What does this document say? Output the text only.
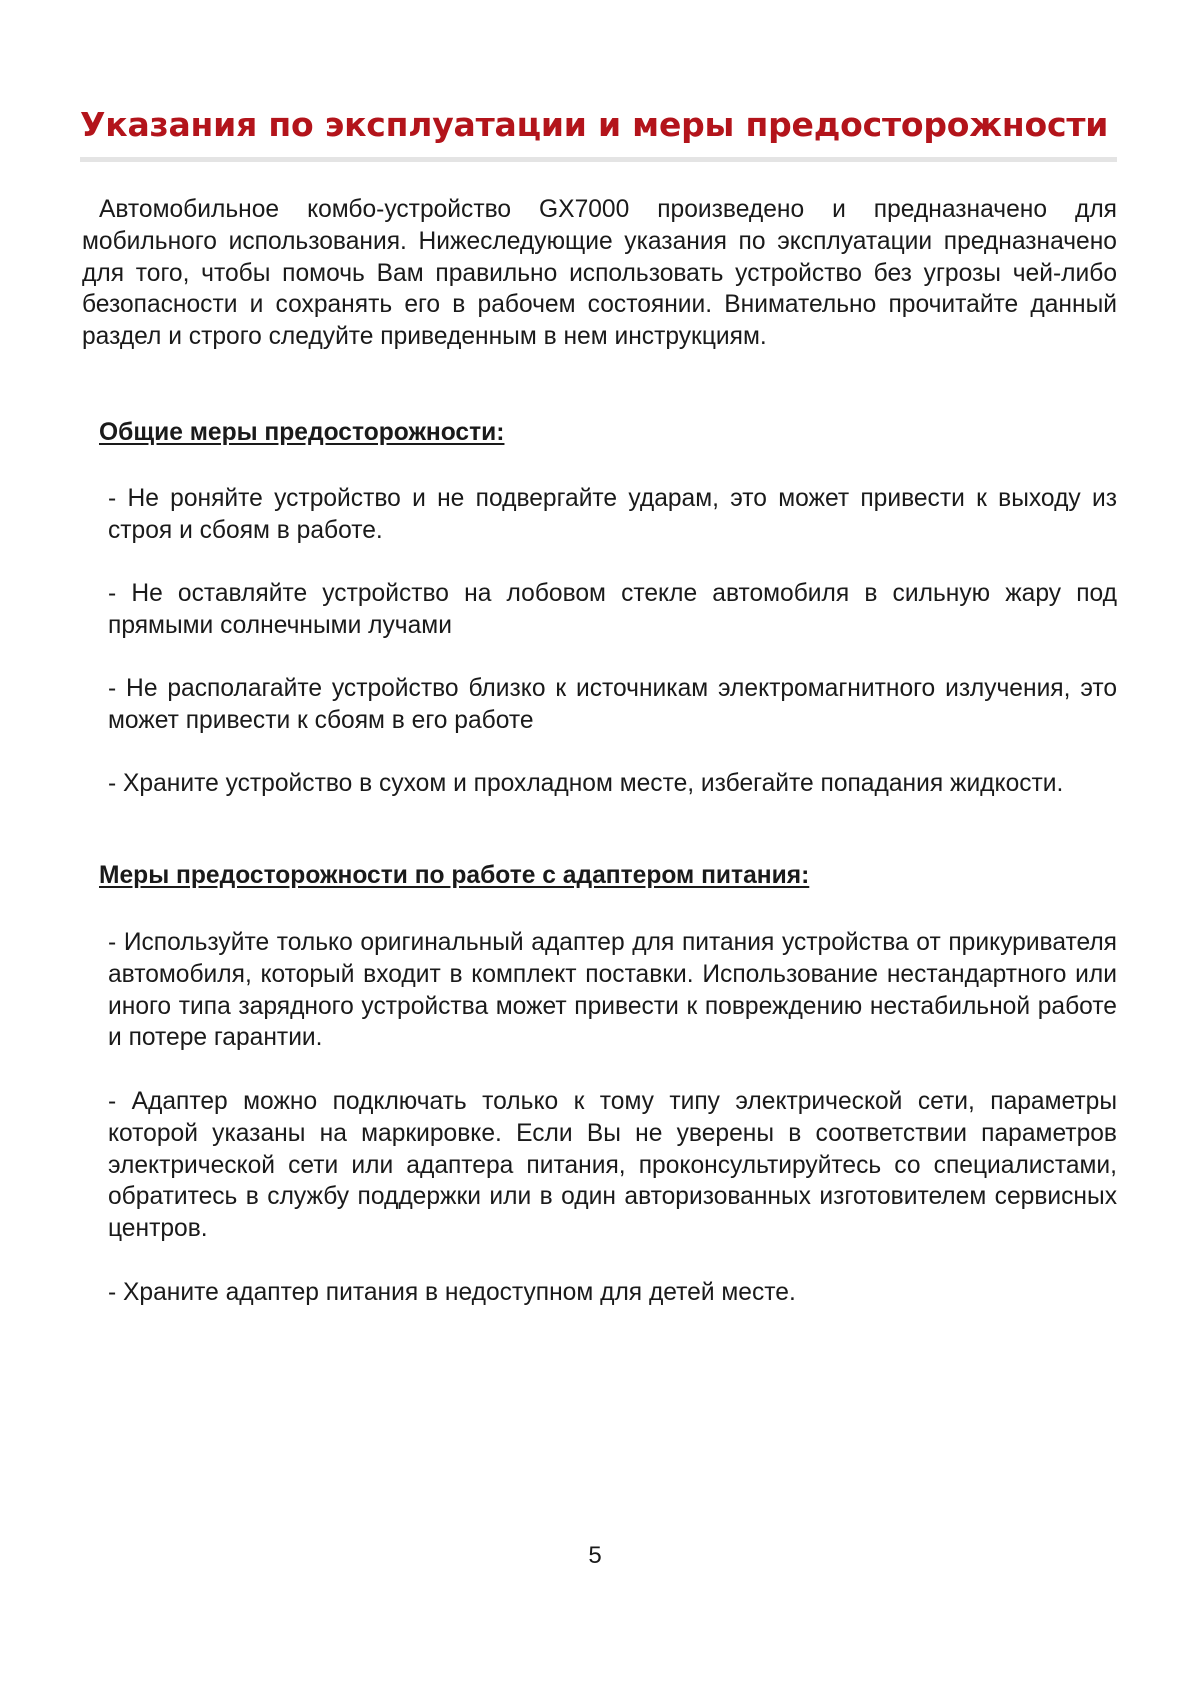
Указания по эксплуатации и меры предосторожности

Автомобильное комбо-устройство GX7000 произведено и предназначено для мобильного использования. Нижеследующие указания по эксплуатации предназначено для того, чтобы помочь Вам правильно использовать устройство без угрозы чей-либо безопасности и сохранять его в рабочем состоянии. Внимательно прочитайте данный раздел и строго следуйте приведенным в нем инструкциям.

Общие меры предосторожности:

- Не роняйте устройство и не подвергайте ударам, это может привести к выходу из строя и сбоям в работе.

- Не оставляйте устройство на лобовом стекле автомобиля в сильную жару под прямыми солнечными лучами

- Не располагайте устройство близко к источникам электромагнитного излучения, это может привести к сбоям в его работе

- Храните устройство в сухом и прохладном месте, избегайте попадания жидкости.

Меры предосторожности по работе с адаптером питания:

- Используйте только оригинальный адаптер для питания устройства от прикуривателя автомобиля, который входит в комплект поставки. Использование нестандартного или иного типа зарядного устройства может привести к повреждению нестабильной работе и потере гарантии.

- Адаптер можно подключать только к тому типу электрической сети, параметры которой указаны на маркировке. Если Вы не уверены в соответствии параметров электрической сети или адаптера питания, проконсультируйтесь со специалистами, обратитесь в службу поддержки или в один авторизованных изготовителем сервисных центров.

- Храните адаптер питания в недоступном для детей месте.

5
